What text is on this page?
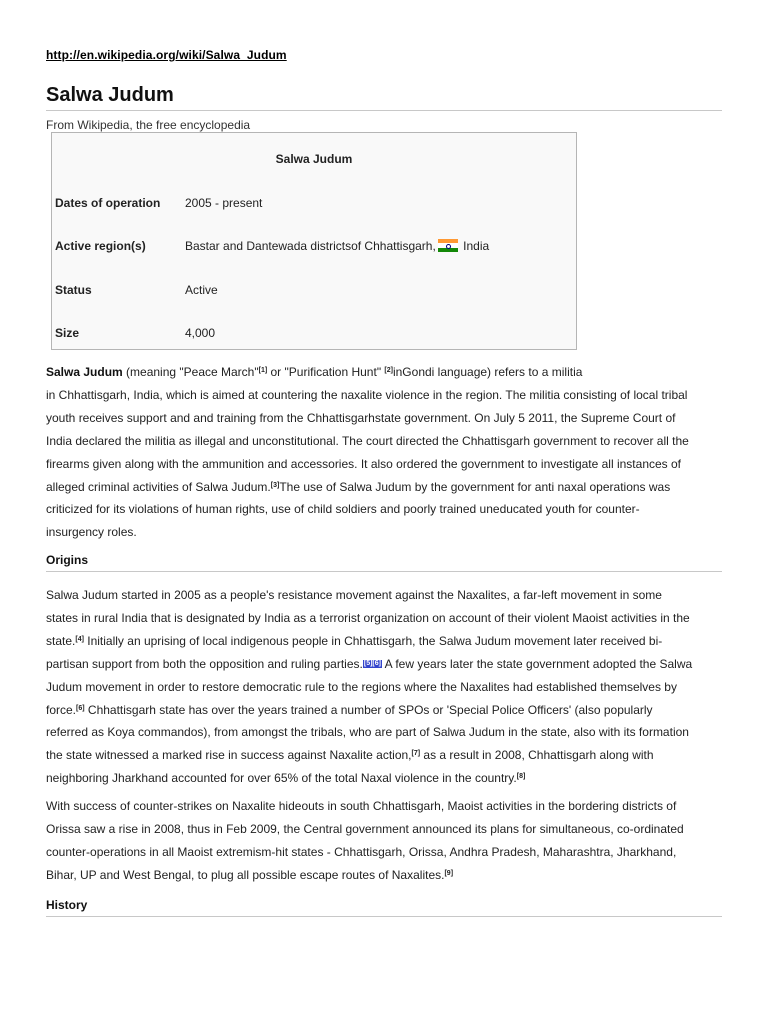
http://en.wikipedia.org/wiki/Salwa_Judum
Salwa Judum
From Wikipedia, the free encyclopedia
Salwa Judum
Dates of operation	2005 - present
Active region(s)	Bastar and Dantewada districtsof Chhattisgarh, India
Status	Active
Size	4,000
Salwa Judum (meaning "Peace March"[1] or "Purification Hunt" [2]inGondi language) refers to a militia
in Chhattisgarh, India, which is aimed at countering the naxalite violence in the region. The militia consisting of local tribal
youth receives support and and training from the Chhattisgarhstate government. On July 5 2011, the Supreme Court of
India declared the militia as illegal and unconstitutional. The court directed the Chhattisgarh government to recover all the
firearms given along with the ammunition and accessories. It also ordered the government to investigate all instances of
alleged criminal activities of Salwa Judum.[3]The use of Salwa Judum by the government for anti naxal operations was
criticized for its violations of human rights, use of child soldiers and poorly trained uneducated youth for counter-
insurgency roles.
Origins
Salwa Judum started in 2005 as a people's resistance movement against the Naxalites, a far-left movement in some
states in rural India that is designated by India as a terrorist organization on account of their violent Maoist activities in the
state.[4] Initially an uprising of local indigenous people in Chhattisgarh, the Salwa Judum movement later received bi-
partisan support from both the opposition and ruling parties.[5][6] A few years later the state government adopted the Salwa
Judum movement in order to restore democratic rule to the regions where the Naxalites had established themselves by
force.[6] Chhattisgarh state has over the years trained a number of SPOs or 'Special Police Officers' (also popularly
referred as Koya commandos), from amongst the tribals, who are part of Salwa Judum in the state, also with its formation
the state witnessed a marked rise in success against Naxalite action,[7] as a result in 2008, Chhattisgarh along with
neighboring Jharkhand accounted for over 65% of the total Naxal violence in the country.[8]
With success of counter-strikes on Naxalite hideouts in south Chhattisgarh, Maoist activities in the bordering districts of
Orissa saw a rise in 2008, thus in Feb 2009, the Central government announced its plans for simultaneous, co-ordinated
counter-operations in all Maoist extremism-hit states - Chhattisgarh, Orissa, Andhra Pradesh, Maharashtra, Jharkhand,
Bihar, UP and West Bengal, to plug all possible escape routes of Naxalites.[9]
History
